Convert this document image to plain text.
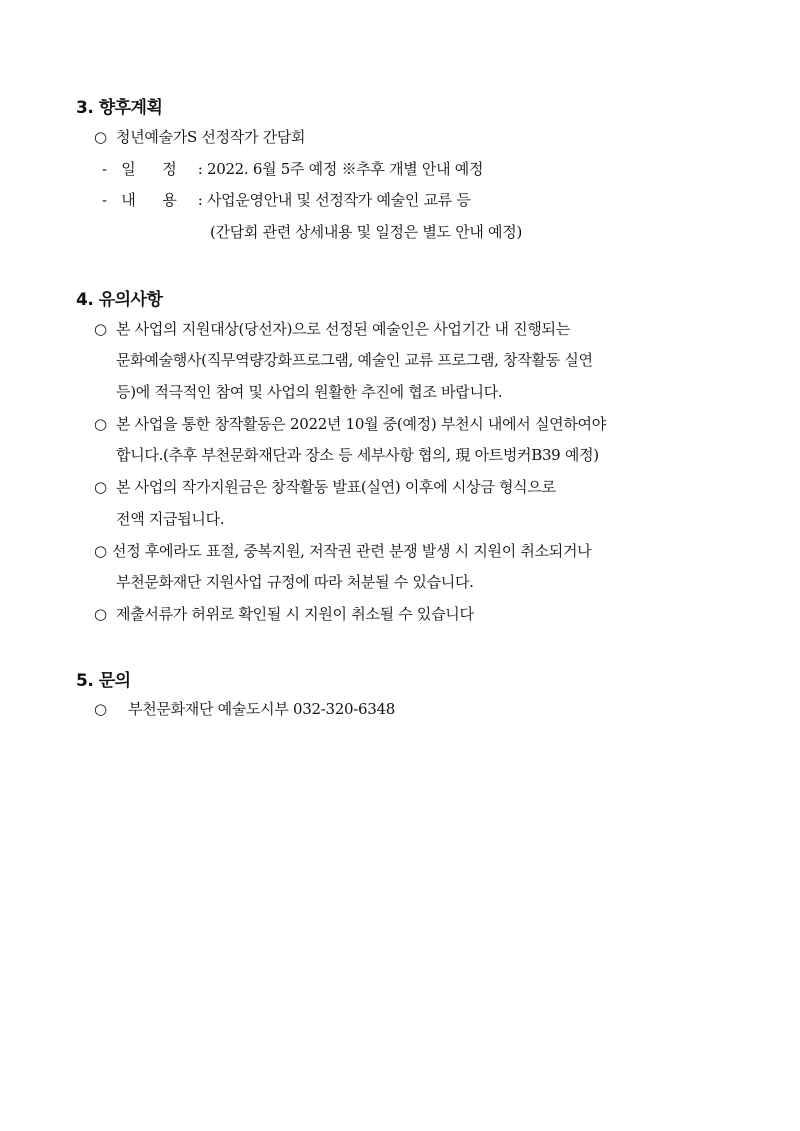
3. 향후계획
○ 청년예술가S 선정작가 간담회
- 일      정 : 2022. 6월 5주 예정 ※추후 개별 안내 예정
- 내      용 : 사업운영안내 및 선정작가 예술인 교류 등
(간담회 관련 상세내용 및 일정은 별도 안내 예정)
4. 유의사항
○ 본 사업의 지원대상(당선자)으로 선정된 예술인은 사업기간 내 진행되는
문화예술행사(직무역량강화프로그램, 예술인 교류 프로그램, 창작활동 실연
등)에 적극적인 참여 및 사업의 원활한 추진에 협조 바랍니다.
○ 본 사업을 통한 창작활동은 2022년 10월 중(예정) 부천시 내에서 실연하여야
합니다.(추후 부천문화재단과 장소 등 세부사항 협의, 現 아트벙커B39 예정)
○ 본 사업의 작가지원금은 창작활동 발표(실연) 이후에 시상금 형식으로
전액 지급됩니다.
○ 선정 후에라도 표절, 중복지원, 저작권 관련 분쟁 발생 시 지원이 취소되거나
부천문화재단 지원사업 규정에 따라 처분될 수 있습니다.
○ 제출서류가 허위로 확인될 시 지원이 취소될 수 있습니다
5. 문의
○ 부천문화재단 예술도시부 032-320-6348
